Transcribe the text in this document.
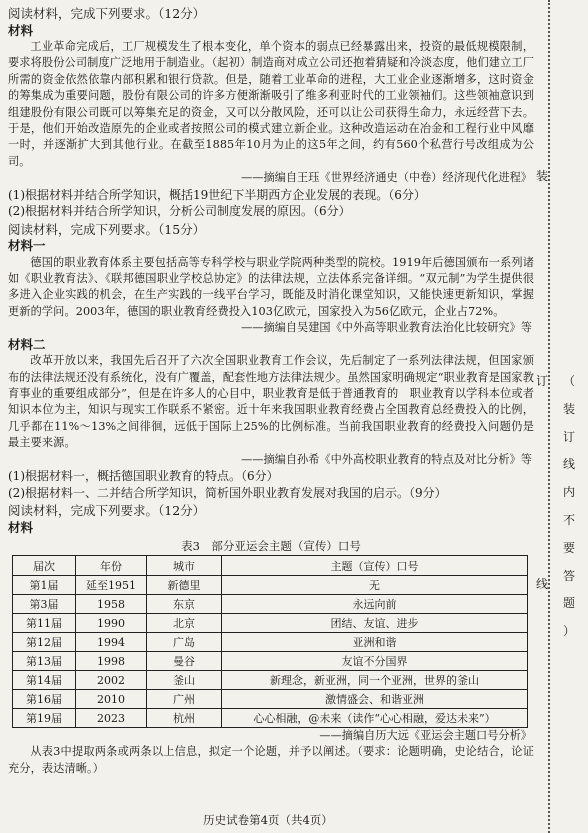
阅读材料，完成下列要求。（12分）
材料

工业革命完成后，工厂规模发生了根本变化，单个资本的弱点已经暴露出来，投资的最低规模限制，要求将股份公司制度广泛地用于制造业。（起初）制造商对成立公司还抱着猜疑和冷淡态度，他们建立工厂所需的资金依然依靠内部积累和银行贷款。但是，随着工业革命的进程，大工业企业逐渐增多，这时资金的筹集成为重要问题，股份有限公司的许多方便渐渐吸引了维多利亚时代的工业领袖们。这些领袖意识到组建股份有限公司既可以筹集充足的资金，又可以分散风险，还可以让公司获得生命力，永远经营下去。于是，他们开始改造原先的企业或者按照公司的模式建立新企业。这种改造运动在冶金和工程行业中风靡一时，并逐渐扩大到其他行业。在截至1885年10月为止的这5年之间，约有560个私营行号改组成为公司。

——摘编自王珏《世界经济通史（中卷）经济现代化进程》

(1)根据材料并结合所学知识，概括19世纪下半期西方企业发展的表现。（6分）

(2)根据材料并结合所学知识，分析公司制度发展的原因。（6分）

阅读材料，完成下列要求。（15分）
材料一

德国的职业教育体系主要包括高等专科学校与职业学院两种类型的院校。1919年后德国颁布一系列诸如《职业教育法》、《联邦德国职业学校总协定》的法律法规，立法体系完备详细。“双元制”为学生提供很多进入企业实践的机会，在生产实践的一线平台学习，既能及时消化课堂知识，又能快速更新知识，掌握更新的学问。2003年，德国的职业教育经费投入103亿欧元，国家投入为56亿欧元，企业占72%。

——摘编自吴建国《中外高等职业教育法治化比较研究》等

材料二

改革开放以来，我国先后召开了六次全国职业教育工作会议，先后制定了一系列法律法规，但国家颁布的法律法规还没有系统化，没有广覆盖，配套性地方法律法规少。虽然国家明确规定“职业教育是国家教育事业的重要组成部分”，但是在许多人的心目中，职业教育是低于普通教育的　职业教育以学科本位或者知识本位为主，知识与现实工作联系不紧密。近十年来我国职业教育经费占全国教育总经费投入的比例，几乎都在11%～13%之间徘徊，远低于国际上25%的比例标准。当前我国职业教育的经费投入问题仍是最主要来源。

——摘编自孙希《中外高校职业教育的特点及对比分析》等

(1)根据材料一，概括德国职业教育的特点。（6分）

(2)根据材料一、二并结合所学知识，简析国外职业教育发展对我国的启示。（9分）

阅读材料，完成下列要求。（12分）
材料
表3　部分亚运会主题（宣传）口号
届次	年份	城市	主题（宣传）口号
第1届	延至1951	新德里	无
第3届	1958	东京	永远向前
第11届	1990	北京	团结、友谊、进步
第12届	1994	广岛	亚洲和谐
第13届	1998	曼谷	友谊不分国界
第14届	2002	釜山	新理念，新亚洲，同一个亚洲，世界的釜山
第16届	2010	广州	激情盛会、和谐亚洲
第19届	2023	杭州	心心相融，@未来（读作“心心相融，爱达未来”）

——摘编自历大远《亚运会主题口号分析》

从表3中提取两条或两条以上信息，拟定一个论题，并予以阐述。（要求：论题明确，史论结合，论证充分，表达清晰。）

装
订
线
（
装
订
线
内
不
要
答
题
）
历史试卷第4页（共4页）
